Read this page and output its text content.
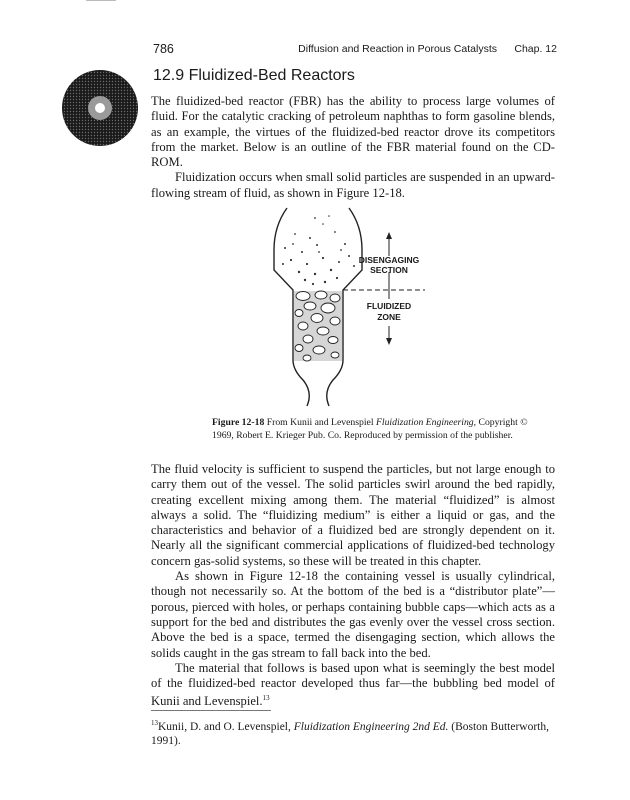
786	Diffusion and Reaction in Porous Catalysts Chap. 12
12.9 Fluidized-Bed Reactors

The fluidized-bed reactor (FBR) has the ability to process large volumes of fluid. For the catalytic cracking of petroleum naphthas to form gasoline blends, as an example, the virtues of the fluidized-bed reactor drove its competitors from the market. Below is an outline of the FBR material found on the CD-ROM.

Fluidization occurs when small solid particles are suspended in an upward-flowing stream of fluid, as shown in Figure 12-18.

DISENGAGING
SECTION
FLUIDIZED
ZONE
Figure 12-18 From Kunii and Levenspiel Fluidization Engineering, Copyright © 1969, Robert E. Krieger Pub. Co. Reproduced by permission of the publisher.

The fluid velocity is sufficient to suspend the particles, but not large enough to carry them out of the vessel. The solid particles swirl around the bed rapidly, creating excellent mixing among them. The material “fluidized” is almost always a solid. The “fluidizing medium” is either a liquid or gas, and the characteristics and behavior of a fluidized bed are strongly dependent on it. Nearly all the significant commercial applications of fluidized-bed technology concern gas-solid systems, so these will be treated in this chapter.

As shown in Figure 12-18 the containing vessel is usually cylindrical, though not necessarily so. At the bottom of the bed is a “distributor plate”—porous, pierced with holes, or perhaps containing bubble caps—which acts as a support for the bed and distributes the gas evenly over the vessel cross section. Above the bed is a space, termed the disengaging section, which allows the solids caught in the gas stream to fall back into the bed.

The material that follows is based upon what is seemingly the best model of the fluidized-bed reactor developed thus far—the bubbling bed model of Kunii and Levenspiel.$^{13}$

$^{13}$Kunii, D. and O. Levenspiel, Fluidization Engineering 2nd Ed. (Boston Butterworth, 1991).
